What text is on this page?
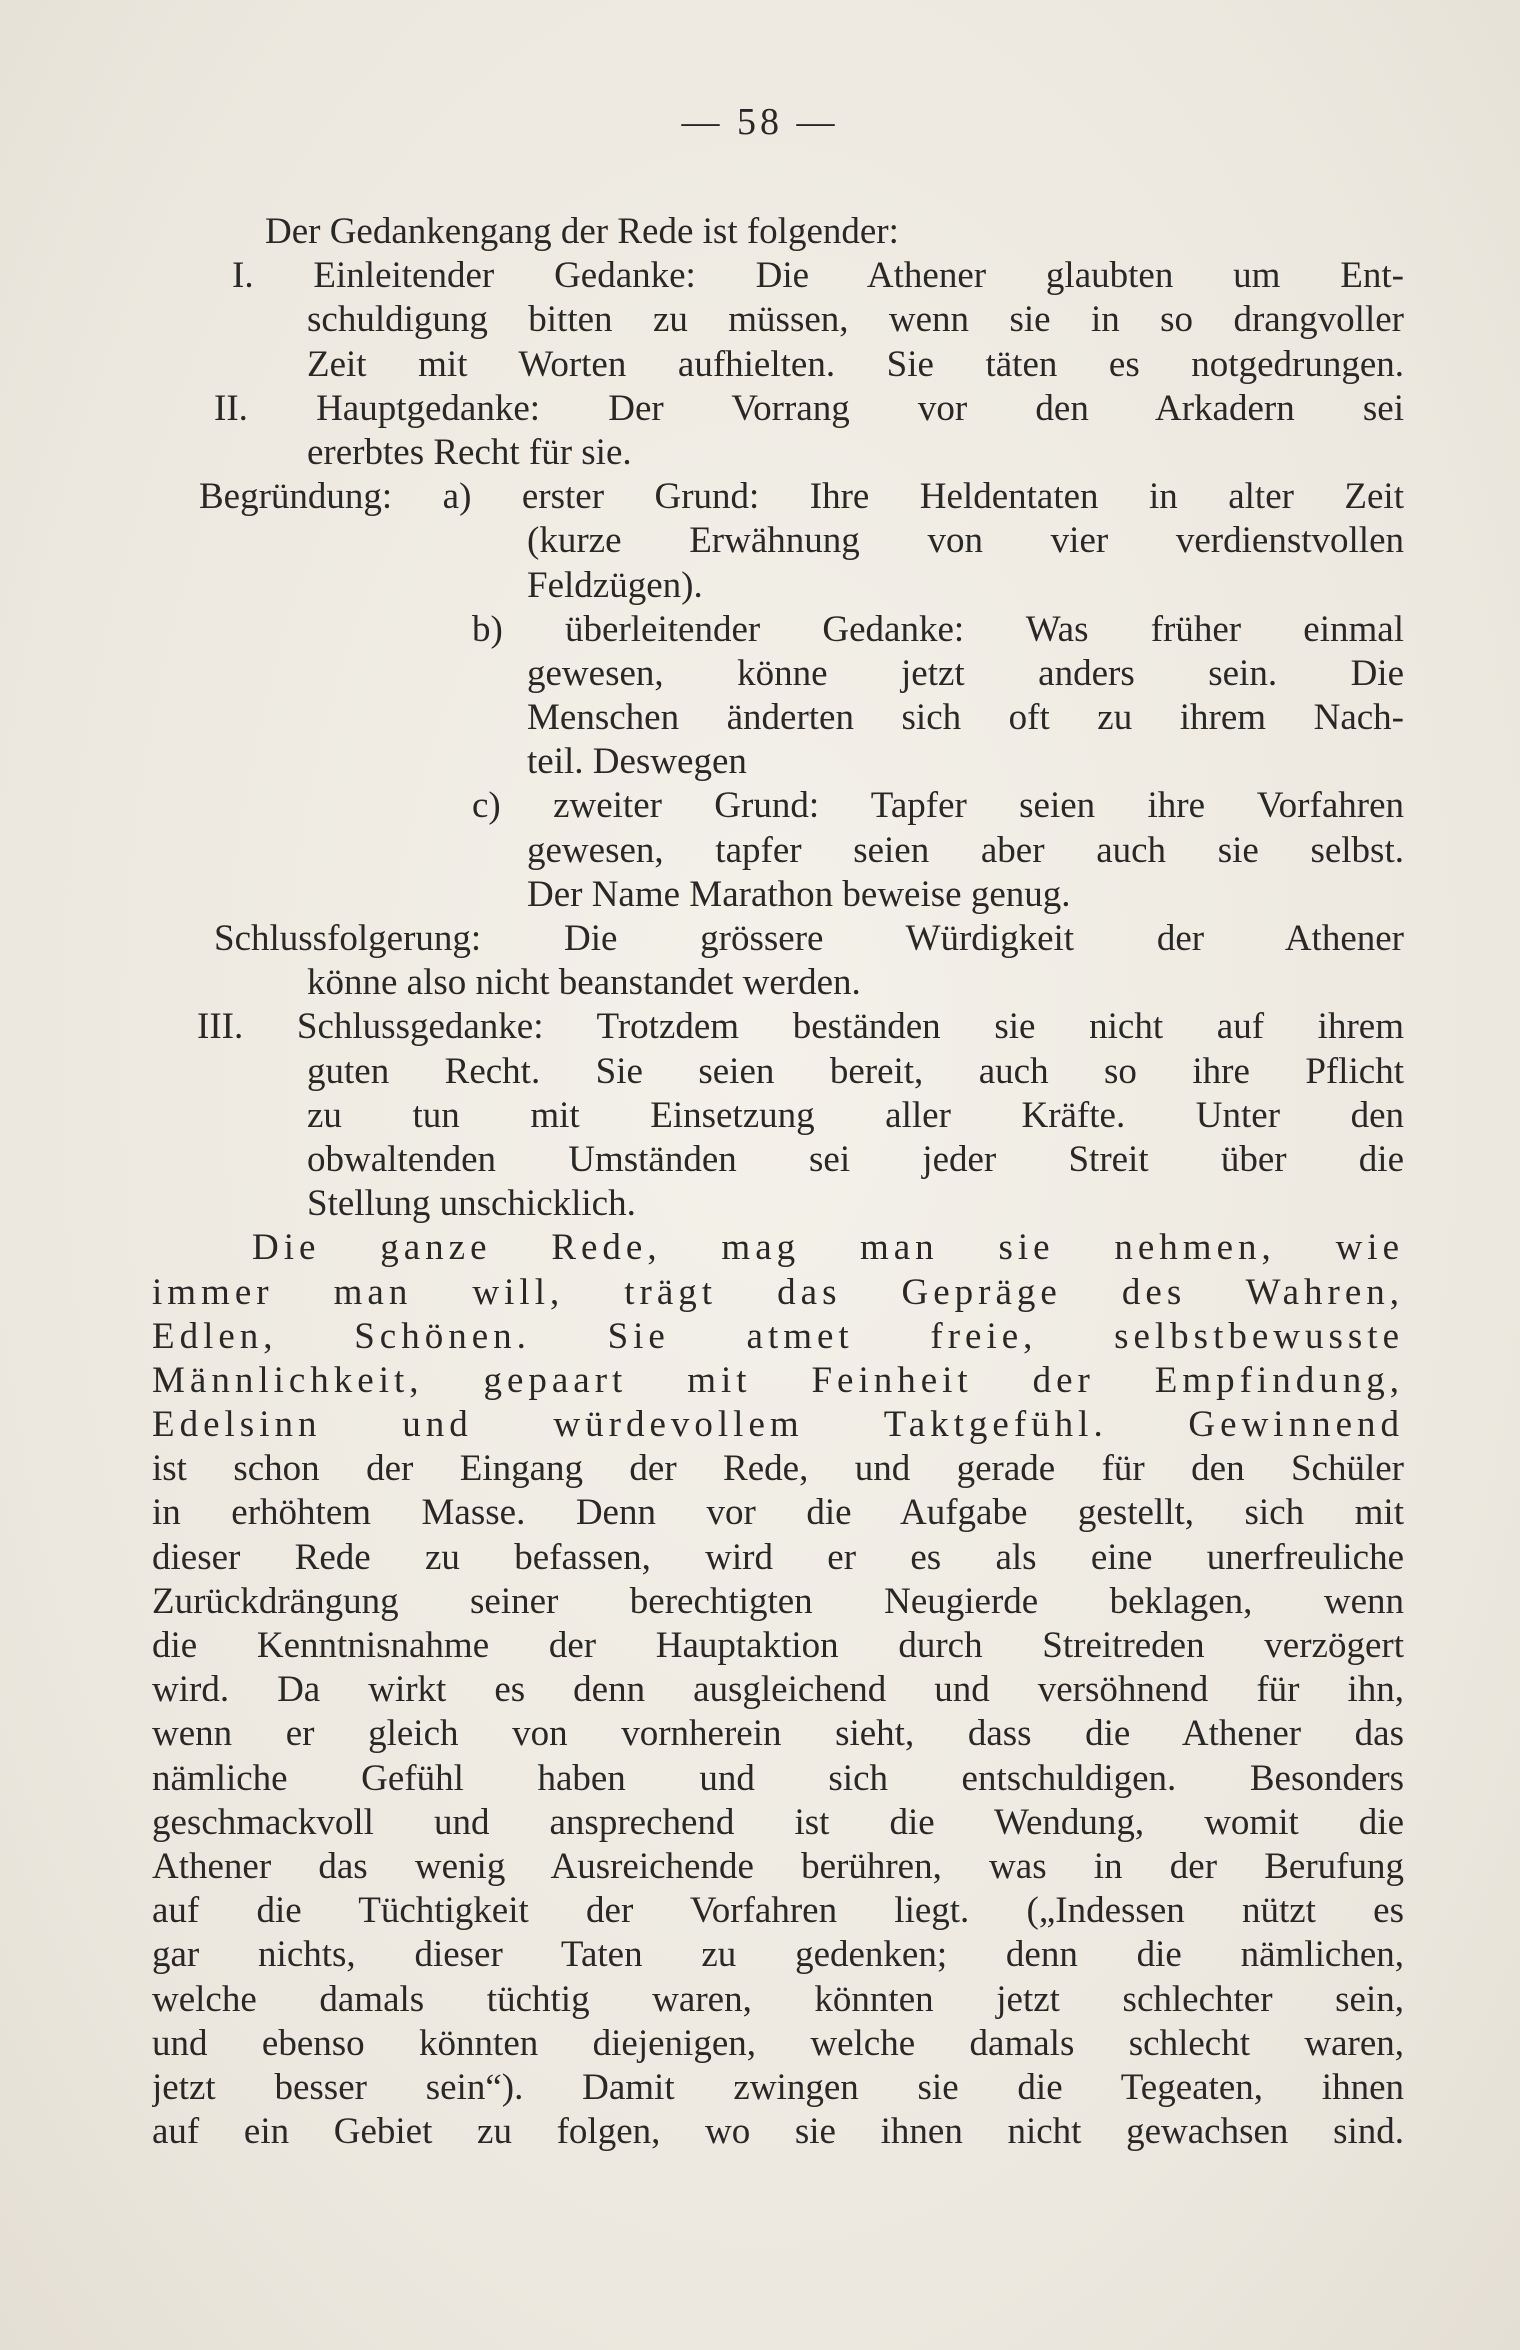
— 58 —
Der Gedankengang der Rede ist folgender:
I. Einleitender Gedanke: Die Athener glaubten um Ent-
schuldigung bitten zu müssen, wenn sie in so drangvoller
Zeit mit Worten aufhielten. Sie täten es notgedrungen.
II. Hauptgedanke: Der Vorrang vor den Arkadern sei
ererbtes Recht für sie.
Begründung: a) erster Grund: Ihre Heldentaten in alter Zeit
(kurze Erwähnung von vier verdienstvollen
Feldzügen).
b) überleitender Gedanke: Was früher einmal
gewesen, könne jetzt anders sein. Die
Menschen änderten sich oft zu ihrem Nach-
teil. Deswegen
c) zweiter Grund: Tapfer seien ihre Vorfahren
gewesen, tapfer seien aber auch sie selbst.
Der Name Marathon beweise genug.
Schlussfolgerung: Die grössere Würdigkeit der Athener
könne also nicht beanstandet werden.
III. Schlussgedanke: Trotzdem beständen sie nicht auf ihrem
guten Recht. Sie seien bereit, auch so ihre Pflicht
zu tun mit Einsetzung aller Kräfte. Unter den
obwaltenden Umständen sei jeder Streit über die
Stellung unschicklich.
Die ganze Rede, mag man sie nehmen, wie
immer man will, trägt das Gepräge des Wahren,
Edlen, Schönen. Sie atmet freie, selbstbewusste
Männlichkeit, gepaart mit Feinheit der Empfindung,
Edelsinn und würdevollem Taktgefühl. Gewinnend
ist schon der Eingang der Rede, und gerade für den Schüler
in erhöhtem Masse. Denn vor die Aufgabe gestellt, sich mit
dieser Rede zu befassen, wird er es als eine unerfreuliche
Zurückdrängung seiner berechtigten Neugierde beklagen, wenn
die Kenntnisnahme der Hauptaktion durch Streitreden verzögert
wird. Da wirkt es denn ausgleichend und versöhnend für ihn,
wenn er gleich von vornherein sieht, dass die Athener das
nämliche Gefühl haben und sich entschuldigen. Besonders
geschmackvoll und ansprechend ist die Wendung, womit die
Athener das wenig Ausreichende berühren, was in der Berufung
auf die Tüchtigkeit der Vorfahren liegt. („Indessen nützt es
gar nichts, dieser Taten zu gedenken; denn die nämlichen,
welche damals tüchtig waren, könnten jetzt schlechter sein,
und ebenso könnten diejenigen, welche damals schlecht waren,
jetzt besser sein“). Damit zwingen sie die Tegeaten, ihnen
auf ein Gebiet zu folgen, wo sie ihnen nicht gewachsen sind.
